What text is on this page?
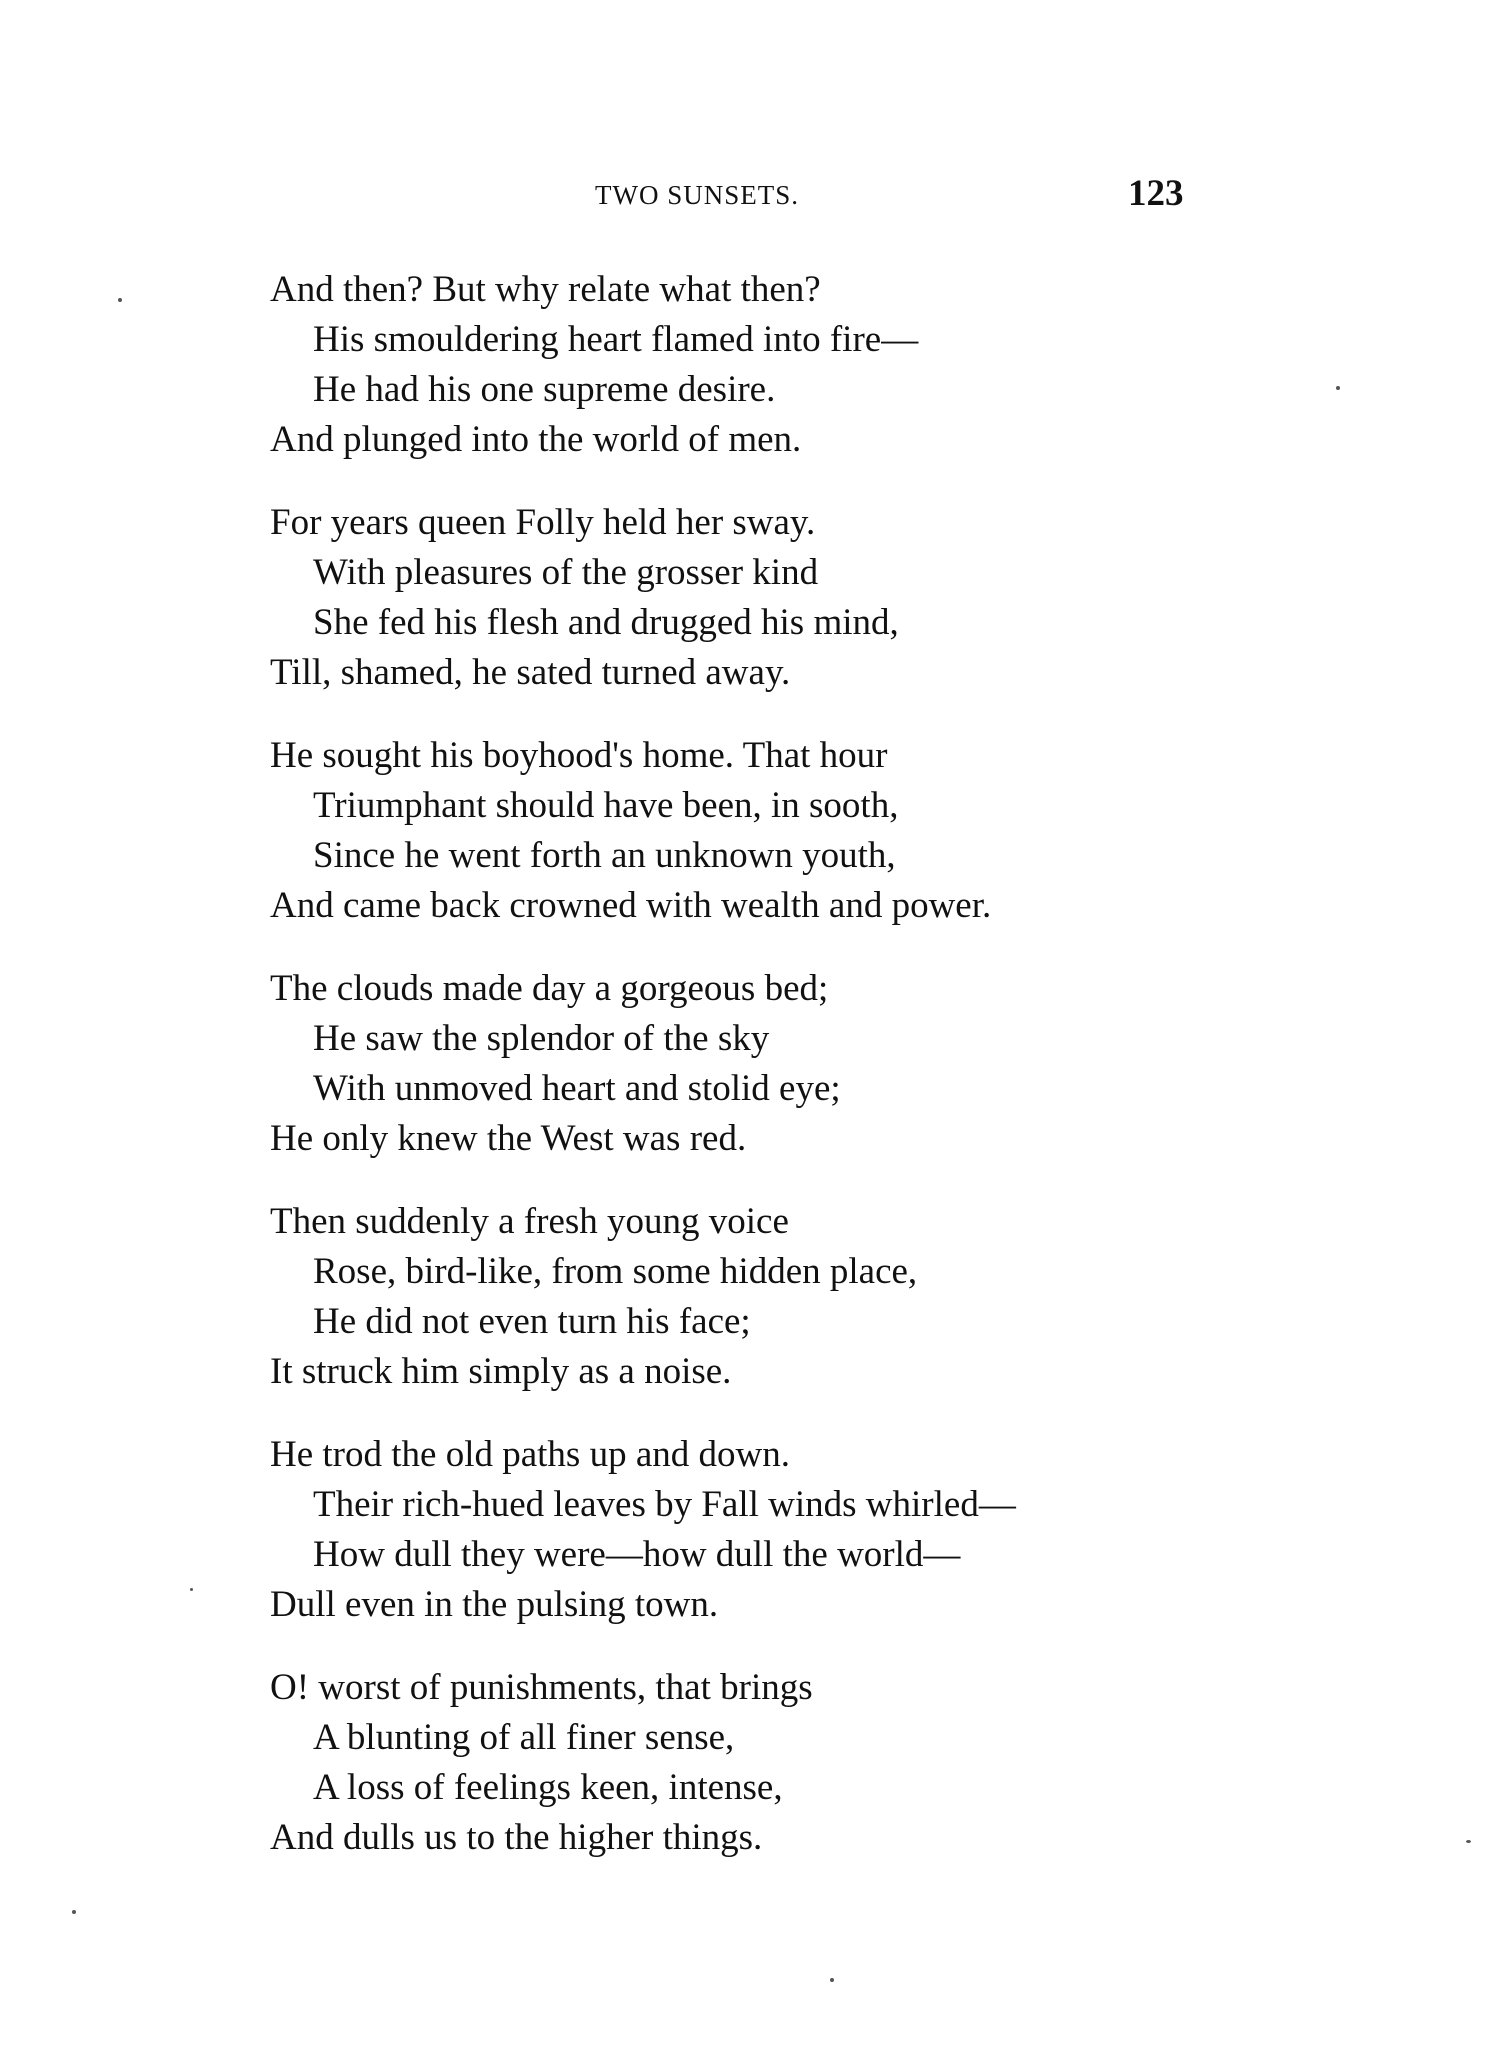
TWO SUNSETS.	123
And then? But why relate what then?
His smouldering heart flamed into fire—
He had his one supreme desire.
And plunged into the world of men.
For years queen Folly held her sway.
With pleasures of the grosser kind
She fed his flesh and drugged his mind,
Till, shamed, he sated turned away.
He sought his boyhood's home. That hour
Triumphant should have been, in sooth,
Since he went forth an unknown youth,
And came back crowned with wealth and power.
The clouds made day a gorgeous bed;
He saw the splendor of the sky
With unmoved heart and stolid eye;
He only knew the West was red.
Then suddenly a fresh young voice
Rose, bird-like, from some hidden place,
He did not even turn his face;
It struck him simply as a noise.
He trod the old paths up and down.
Their rich-hued leaves by Fall winds whirled—
How dull they were—how dull the world—
Dull even in the pulsing town.
O! worst of punishments, that brings
A blunting of all finer sense,
A loss of feelings keen, intense,
And dulls us to the higher things.
